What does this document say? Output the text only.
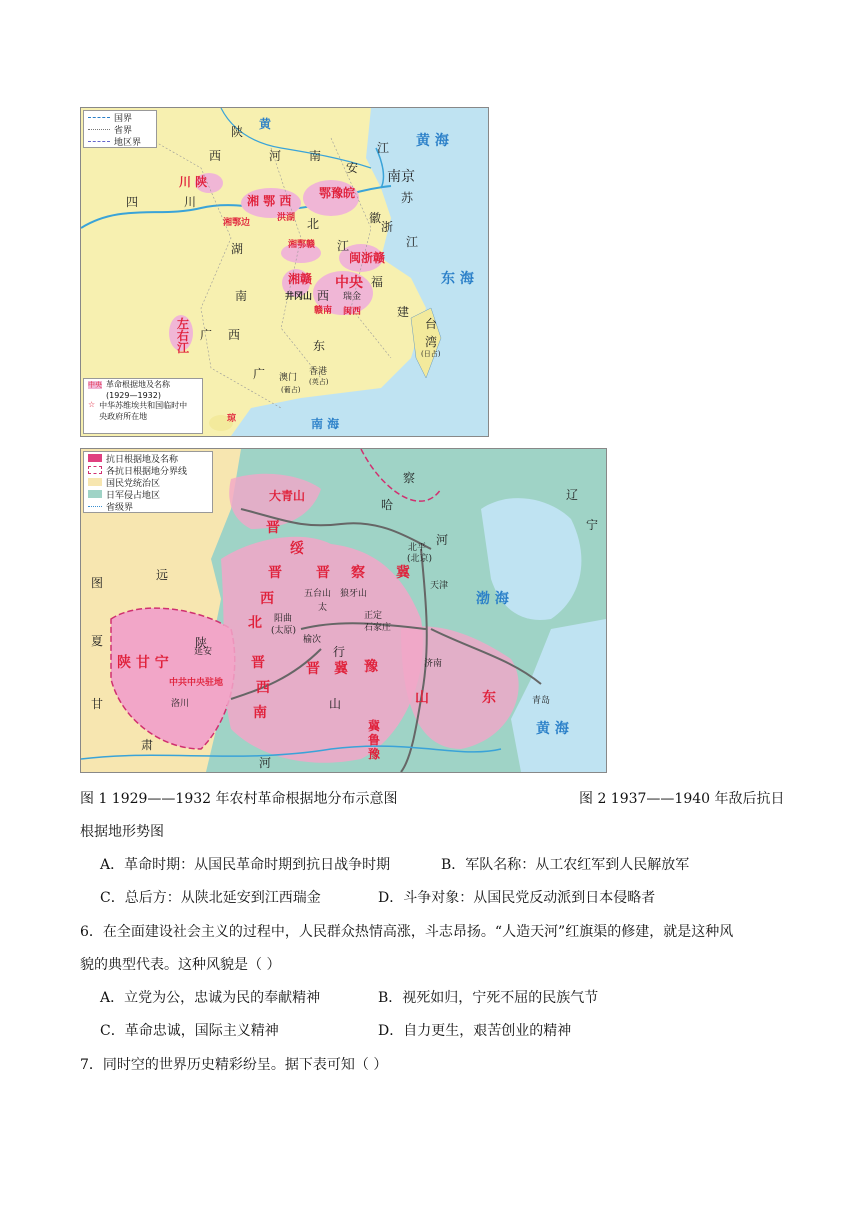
国界
省界
地区界
中央 革命根据地及名称
(1929—1932)
☆ 中华苏维埃共和国临时中央政府所在地
陕
黄
西	河 南
安
江
四	川
川 陕
湘 鄂 西
鄂豫皖
南京
苏
徽
洪湖
湘鄂边	北
湖	湘鄂赣 江
浙
江
闽浙赣
湘赣 中央
井冈山	瑞金
西
福
赣南 闽西	建
南
左右江
广 西
东
广 澳门
(葡占)
香港
(英占)
台
湾
(日占)
黄 海
东 海
南 海
琼
抗日根据地及名称
各抗日根据地分界线
国民党统治区
日军侵占地区
省级界
大青山
晋
绥
晋
西
北
晋 察 冀
五台山 狼牙山
太
北平
(北京)
天津
阳曲
(太原)
正定
石家庄
榆次
行
山
陕 甘 宁
延安
中共中央驻地
洛川
晋
西
南
晋 冀 豫	济南
山	东	青岛
冀 鲁 豫
渤 海
黄 海
图
远
夏
甘
肃
陕
河
河
辽
宁
察
哈
图 1 1929——1932 年农村革命根据地分布示意图	图 2 1937——1940 年敌后抗日
根据地形势图
A．革命时期：从国民革命时期到抗日战争时期	B．军队名称：从工农红军到人民解放军
C．总后方：从陕北延安到江西瑞金	D．斗争对象：从国民党反动派到日本侵略者
6．在全面建设社会主义的过程中，人民群众热情高涨，斗志昂扬。“人造天河”红旗渠的修建，就是这种风
貌的典型代表。这种风貌是（ ）
A．立党为公，忠诚为民的奉献精神	B．视死如归，宁死不屈的民族气节
C．革命忠诚，国际主义精神	D．自力更生，艰苦创业的精神
7．同时空的世界历史精彩纷呈。据下表可知（ ）
